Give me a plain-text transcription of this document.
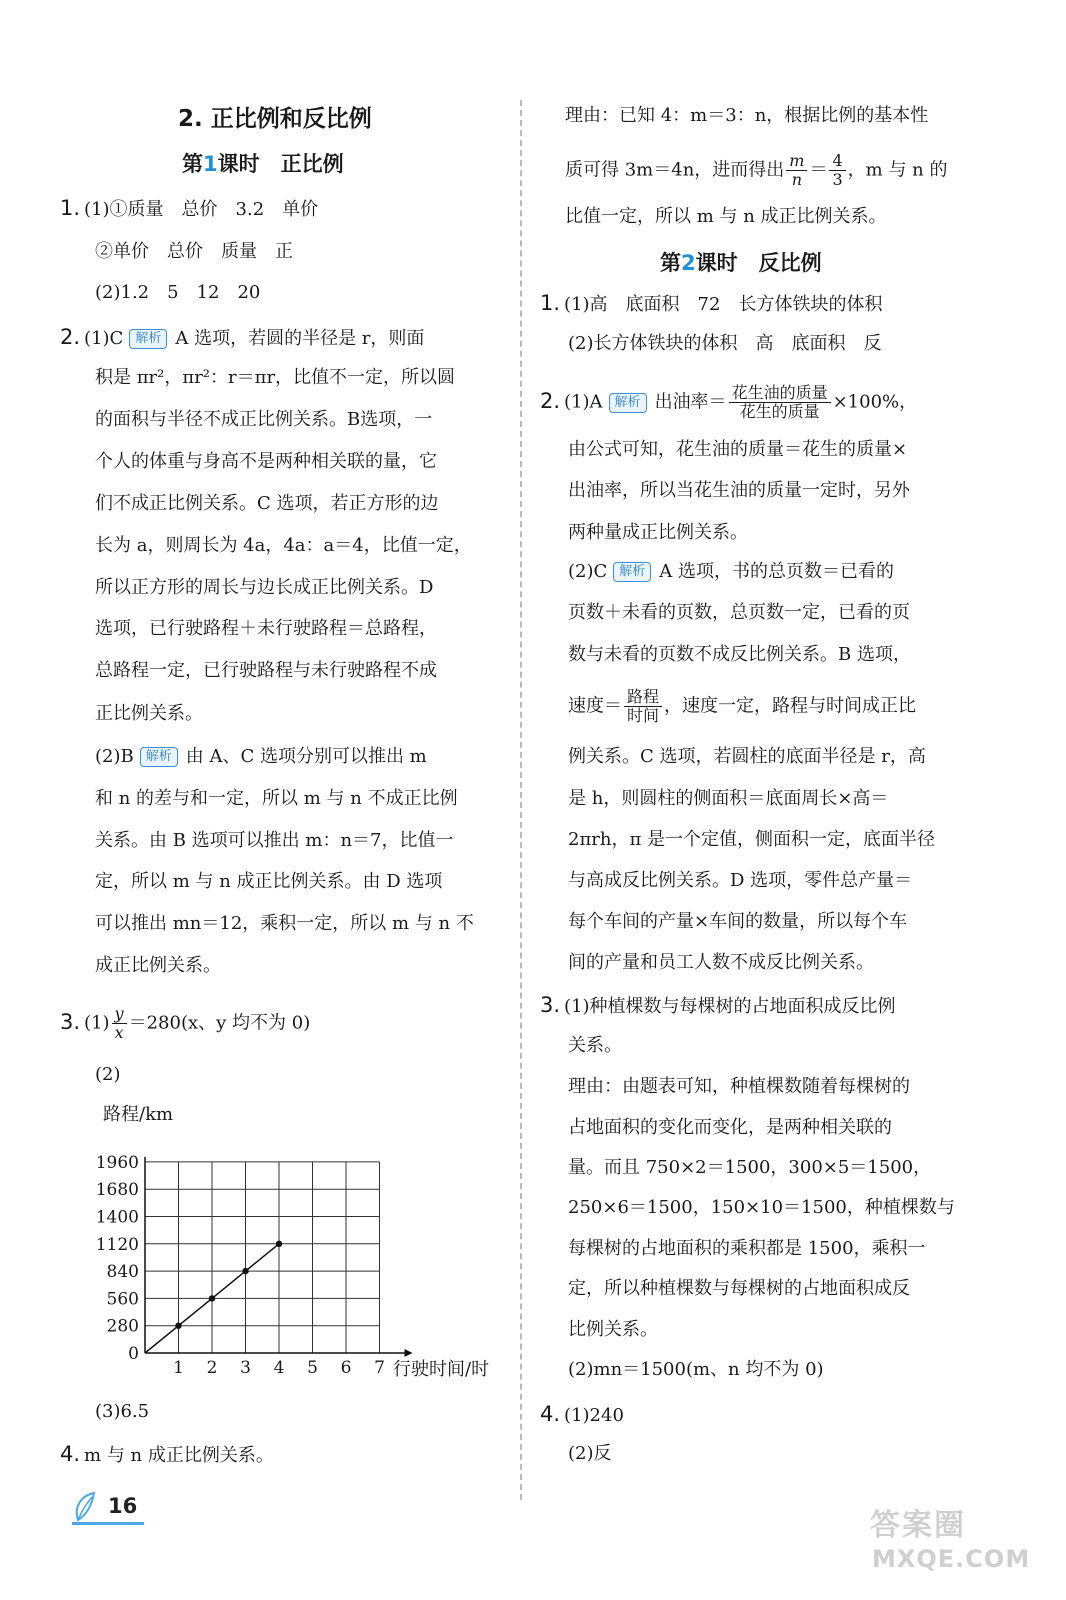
2. 正比例和反比例
第1课时　正比例
1. (1)①质量　总价　3.2　单价
②单价　总价　质量　正
(2)1.2　5　12　20
2. (1)C 解析 A 选项，若圆的半径是 r，则面
积是 πr²，πr²：r＝πr，比值不一定，所以圆
的面积与半径不成正比例关系。B选项，一
个人的体重与身高不是两种相关联的量，它
们不成正比例关系。C 选项，若正方形的边
长为 a，则周长为 4a，4a：a＝4，比值一定，
所以正方形的周长与边长成正比例关系。D
选项，已行驶路程＋未行驶路程＝总路程，
总路程一定，已行驶路程与未行驶路程不成
正比例关系。
(2)B 解析 由 A、C 选项分别可以推出 m
和 n 的差与和一定，所以 m 与 n 不成正比例
关系。由 B 选项可以推出 m：n＝7，比值一
定，所以 m 与 n 成正比例关系。由 D 选项
可以推出 mn＝12，乘积一定，所以 m 与 n 不
成正比例关系。
3. $(1) \frac{y}{x} =280(x$、y 均不为 0)
(2)
路程/km
1 2 3 4 5 6 7
0
280
560
840
1120
1400
1680
1960
行驶时间/时
(3)6.5
4. m 与 n 成正比例关系。
理由：已知 4：m＝3：n，根据比例的基本性
质可得 3m＝4n，进而得出 $\frac{m}{n} = \frac{4}{3}$ ，m 与 n 的
比值一定，所以 m 与 n 成正比例关系。
第2课时　反比例
1. (1)高　底面积　72　长方体铁块的体积
(2)长方体铁块的体积　高　底面积　反
2. (1)A 解析 出油率＝ $\frac{\text{花生油的质量}}{\text{花生的质量}} \times 100\%$，
由公式可知，花生油的质量＝花生的质量×
出油率，所以当花生油的质量一定时，另外
两种量成正比例关系。
(2)C 解析 A 选项，书的总页数＝已看的
页数＋未看的页数，总页数一定，已看的页
数与未看的页数不成反比例关系。B 选项，
速度＝ $\frac{\text{路程}}{\text{时间}}$ ，速度一定，路程与时间成正比
例关系。C 选项，若圆柱的底面半径是 r，高
是 h，则圆柱的侧面积＝底面周长×高＝
2πrh，π 是一个定值，侧面积一定，底面半径
与高成反比例关系。D 选项，零件总产量＝
每个车间的产量×车间的数量，所以每个车
间的产量和员工人数不成反比例关系。
3. (1)种植棵数与每棵树的占地面积成反比例
关系。
理由：由题表可知，种植棵数随着每棵树的
占地面积的变化而变化，是两种相关联的
量。而且 750×2＝1500，300×5＝1500，
250×6＝1500，150×10＝1500，种植棵数与
每棵树的占地面积的乘积都是 1500，乘积一
定，所以种植棵数与每棵树的占地面积成反
比例关系。
(2)mn＝1500(m、n 均不为 0)
4. (1)240
(2)反
16
答案圈
MXQE.COM
